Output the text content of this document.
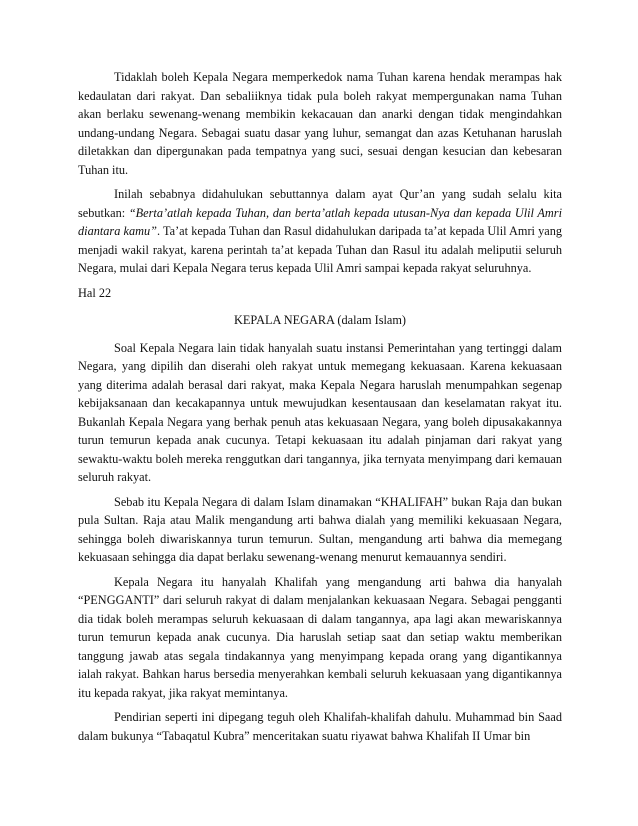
Tidaklah boleh Kepala Negara memperkedok nama Tuhan karena hendak merampas hak kedaulatan dari rakyat. Dan sebaliiknya tidak pula boleh rakyat mempergunakan nama Tuhan akan berlaku sewenang-wenang membikin kekacauan dan anarki dengan tidak mengindahkan undang-undang Negara. Sebagai suatu dasar yang luhur, semangat dan azas Ketuhanan haruslah diletakkan dan dipergunakan pada tempatnya yang suci, sesuai dengan kesucian dan kebesaran Tuhan itu.

Inilah sebabnya didahulukan sebuttannya dalam ayat Qur’an yang sudah selalu kita sebutkan: “Berta’atlah kepada Tuhan, dan berta’atlah kepada utusan-Nya dan kepada Ulil Amri diantara kamu”. Ta’at kepada Tuhan dan Rasul didahulukan daripada ta’at kepada Ulil Amri yang menjadi wakil rakyat, karena perintah ta’at kepada Tuhan dan Rasul itu adalah meliputii seluruh Negara, mulai dari Kepala Negara terus kepada Ulil Amri sampai kepada rakyat seluruhnya.

Hal 22

KEPALA NEGARA (dalam Islam)

Soal Kepala Negara lain tidak hanyalah suatu instansi Pemerintahan yang tertinggi dalam Negara, yang dipilih dan diserahi oleh rakyat untuk memegang kekuasaan. Karena kekuasaan yang diterima adalah berasal dari rakyat, maka Kepala Negara haruslah menumpahkan segenap kebijaksanaan dan kecakapannya untuk mewujudkan kesentausaan dan keselamatan rakyat itu. Bukanlah Kepala Negara yang berhak penuh atas kekuasaan Negara, yang boleh dipusakakannya turun temurun kepada anak cucunya. Tetapi kekuasaan itu adalah pinjaman dari rakyat yang sewaktu-waktu boleh mereka renggutkan dari tangannya, jika ternyata menyimpang dari kemauan seluruh rakyat.

Sebab itu Kepala Negara di dalam Islam dinamakan “KHALIFAH” bukan Raja dan bukan pula Sultan. Raja atau Malik mengandung arti bahwa dialah yang memiliki kekuasaan Negara, sehingga boleh diwariskannya turun temurun. Sultan, mengandung arti bahwa dia memegang kekuasaan sehingga dia dapat berlaku sewenang-wenang menurut kemauannya sendiri.

Kepala Negara itu hanyalah Khalifah yang mengandung arti bahwa dia hanyalah “PENGGANTI” dari seluruh rakyat di dalam menjalankan kekuasaan Negara. Sebagai pengganti dia tidak boleh merampas seluruh kekuasaan di dalam tangannya, apa lagi akan mewariskannya turun temurun kepada anak cucunya. Dia haruslah setiap saat dan setiap waktu memberikan tanggung jawab atas segala tindakannya yang menyimpang kepada orang yang digantikannya ialah rakyat. Bahkan harus bersedia menyerahkan kembali seluruh kekuasaan yang digantikannya itu kepada rakyat, jika rakyat memintanya.

Pendirian seperti ini dipegang teguh oleh Khalifah-khalifah dahulu. Muhammad bin Saad dalam bukunya “Tabaqatul Kubra” menceritakan suatu riyawat bahwa Khalifah II Umar bin
